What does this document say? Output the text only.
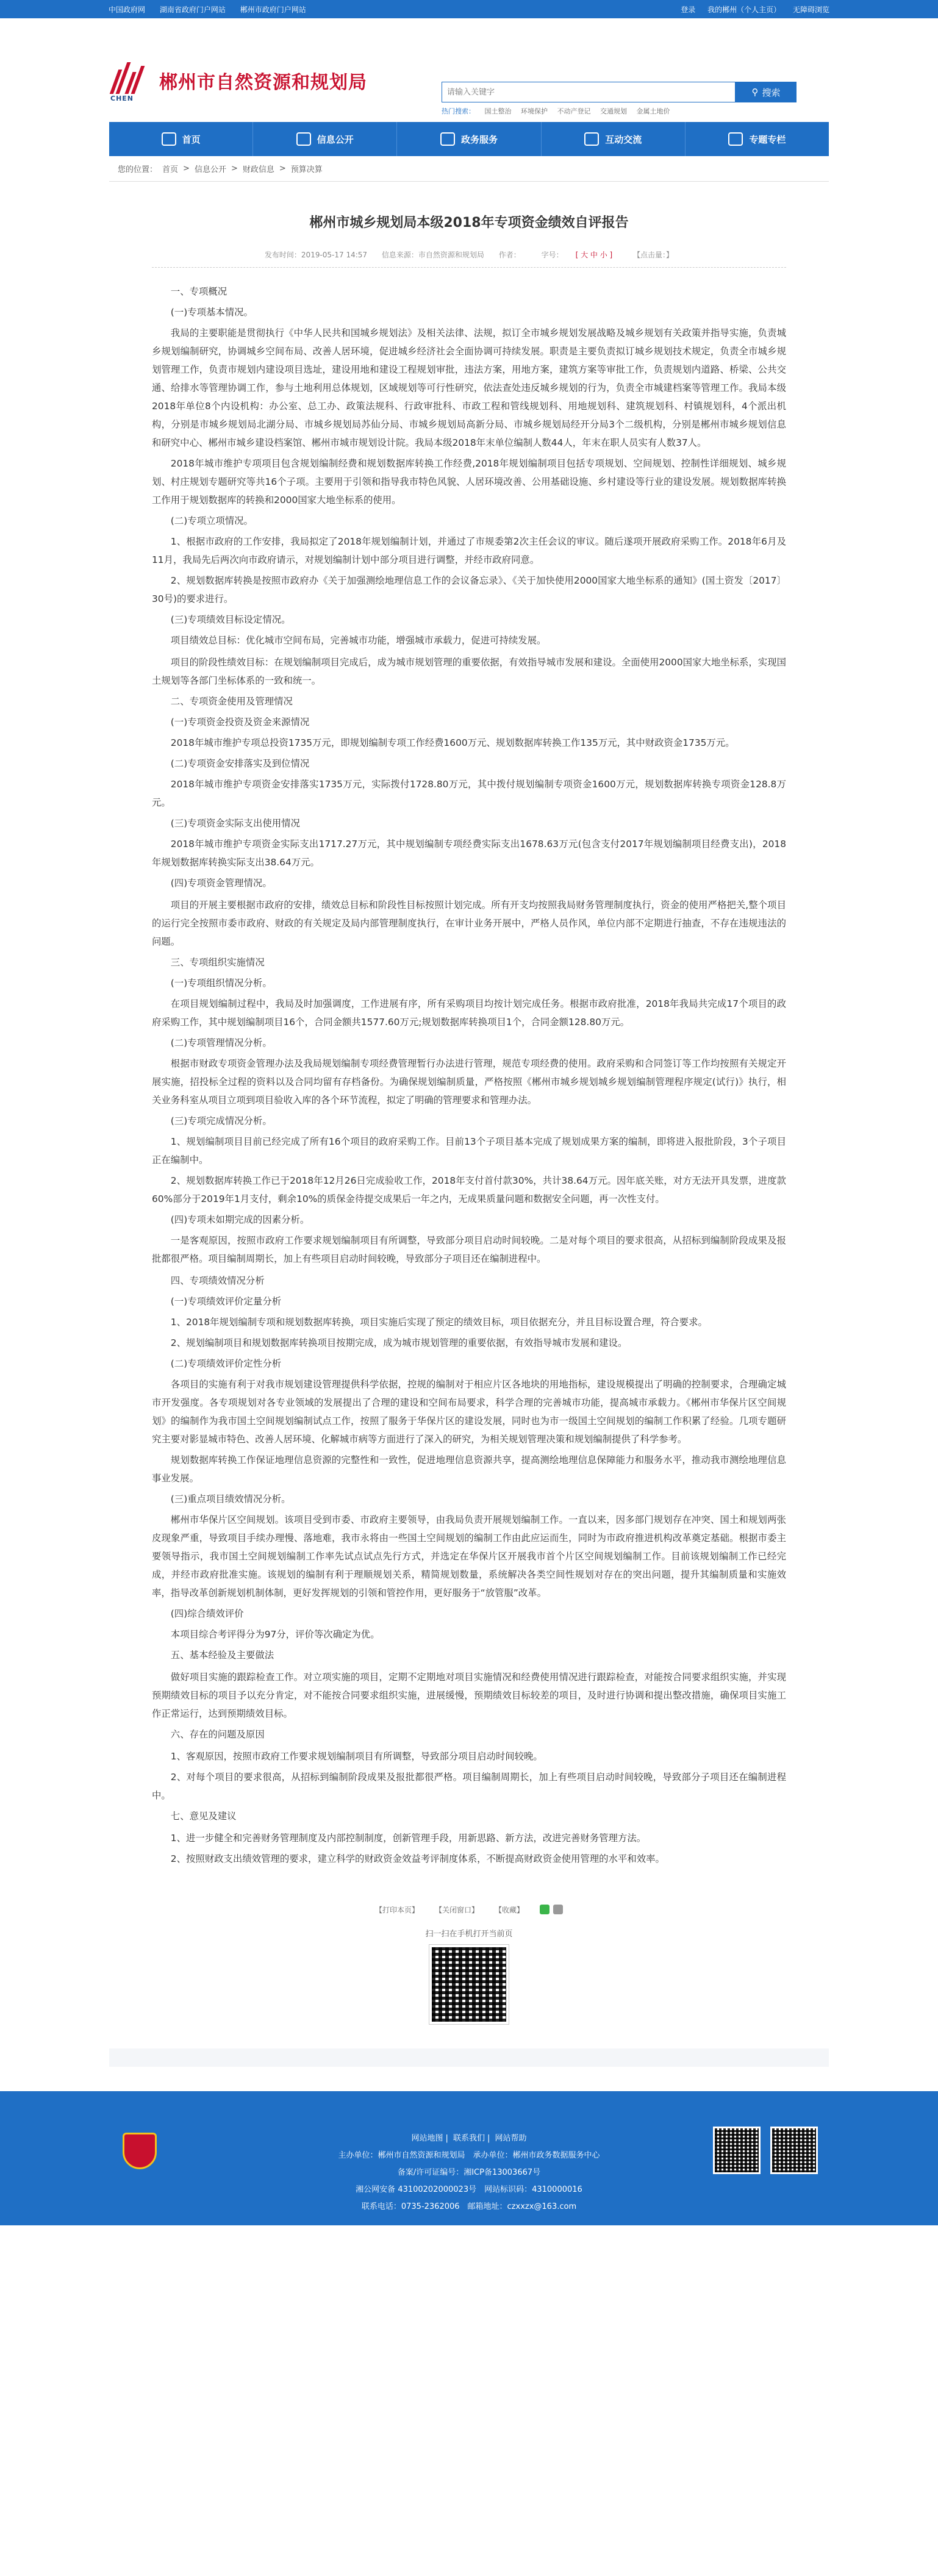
中国政府网 湖南省政府门户网站 郴州市政府门户网站	登录 我的郴州（个人主页） 无障碍浏览
CHEN
郴州市自然资源和规划局
请输入关键字	⚲ 搜索
热门搜索： 国土整治 环境保护 不动产登记 交通规划 金属土地价
首页	信息公开	政务服务	互动交流	专题专栏
您的位置： 首页 > 信息公开 > 财政信息 > 预算决算
郴州市城乡规划局本级2018年专项资金绩效自评报告
发布时间：2019-05-17 14:57 信息来源：市自然资源和规划局 作者：	字号： [ 大 中 小 ]	【点击量：】

一、专项概况

(一)专项基本情况。

我局的主要职能是贯彻执行《中华人民共和国城乡规划法》及相关法律、法规，拟订全市城乡规划发展战略及城乡规划有关政策并指导实施，负责城乡规划编制研究，协调城乡空间布局、改善人居环境，促进城乡经济社会全面协调可持续发展。职责是主要负责拟订城乡规划技术规定，负责全市城乡规划管理工作，负责市规划内建设项目选址，建设用地和建设工程规划审批，违法方案，用地方案，建筑方案等审批工作，负责规划内道路、桥梁、公共交通、给排水等管理协调工作，参与土地利用总体规划，区域规划等可行性研究，依法查处违反城乡规划的行为，负责全市城建档案等管理工作。我局本级2018年单位8个内设机构：办公室、总工办、政策法规科、行政审批科、市政工程和管线规划科、用地规划科、建筑规划科、村镇规划科，4个派出机构，分别是市城乡规划局北湖分局、市城乡规划局苏仙分局、市城乡规划局高新分局、市城乡规划局经开分局3个二级机构，分别是郴州市城乡规划信息和研究中心、郴州市城乡建设档案馆、郴州市城市规划设计院。我局本级2018年末单位编制人数44人，年末在职人员实有人数37人。

2018年城市维护专项项目包含规划编制经费和规划数据库转换工作经费,2018年规划编制项目包括专项规划、空间规划、控制性详细规划、城乡规划、村庄规划专题研究等共16个子项。主要用于引领和指导我市特色风貌、人居环境改善、公用基础设施、乡村建设等行业的建设发展。规划数据库转换工作用于规划数据库的转换和2000国家大地坐标系的使用。

(二)专项立项情况。

1、根据市政府的工作安排，我局拟定了2018年规划编制计划，并通过了市规委第2次主任会议的审议。随后遂项开展政府采购工作。2018年6月及11月，我局先后两次向市政府请示，对规划编制计划中部分项目进行调整，并经市政府同意。

2、规划数据库转换是按照市政府办《关于加强测绘地理信息工作的会议备忘录》、《关于加快使用2000国家大地坐标系的通知》(国土资发〔2017〕30号)的要求进行。

(三)专项绩效目标设定情况。

项目绩效总目标：优化城市空间布局，完善城市功能，增强城市承载力，促进可持续发展。

项目的阶段性绩效目标：在规划编制项目完成后，成为城市规划管理的重要依据，有效指导城市发展和建设。全面使用2000国家大地坐标系，实现国土规划等各部门坐标体系的一致和统一。

二、专项资金使用及管理情况

(一)专项资金投资及资金来源情况

2018年城市维护专项总投资1735万元，即规划编制专项工作经费1600万元、规划数据库转换工作135万元，其中财政资金1735万元。

(二)专项资金安排落实及到位情况

2018年城市维护专项资金安排落实1735万元，实际拨付1728.80万元，其中拨付规划编制专项资金1600万元，规划数据库转换专项资金128.8万元。

(三)专项资金实际支出使用情况

2018年城市维护专项资金实际支出1717.27万元，其中规划编制专项经费实际支出1678.63万元(包含支付2017年规划编制项目经费支出)，2018年规划数据库转换实际支出38.64万元。

(四)专项资金管理情况。

项目的开展主要根据市政府的安排，绩效总目标和阶段性目标按照计划完成。所有开支均按照我局财务管理制度执行，资金的使用严格把关,整个项目的运行完全按照市委市政府、财政的有关规定及局内部管理制度执行，在审计业务开展中，严格人员作风，单位内部不定期进行抽查，不存在违规违法的问题。

三、专项组织实施情况

(一)专项组织情况分析。

在项目规划编制过程中，我局及时加强调度，工作进展有序，所有采购项目均按计划完成任务。根据市政府批准，2018年我局共完成17个项目的政府采购工作，其中规划编制项目16个，合同金额共1577.60万元;规划数据库转换项目1个，合同金额128.80万元。

(二)专项管理情况分析。

根据市财政专项资金管理办法及我局规划编制专项经费管理暂行办法进行管理，规范专项经费的使用。政府采购和合同签订等工作均按照有关规定开展实施，招投标全过程的资料以及合同均留有存档备份。为确保规划编制质量，严格按照《郴州市城乡规划城乡规划编制管理程序规定(试行)》执行，相关业务科室从项目立项到项目验收入库的各个环节流程，拟定了明确的管理要求和管理办法。

(三)专项完成情况分析。

1、规划编制项目目前已经完成了所有16个项目的政府采购工作。目前13个子项目基本完成了规划成果方案的编制，即将进入报批阶段，3个子项目正在编制中。

2、规划数据库转换工作已于2018年12月26日完成验收工作，2018年支付首付款30%，共计38.64万元。因年底关账，对方无法开具发票，进度款60%部分于2019年1月支付，剩余10%的质保金待提交成果后一年之内，无成果质量问题和数据安全问题，再一次性支付。

(四)专项未如期完成的因素分析。

一是客观原因，按照市政府工作要求规划编制项目有所调整，导致部分项目启动时间较晚。二是对每个项目的要求很高，从招标到编制阶段成果及报批都很严格。项目编制周期长，加上有些项目启动时间较晚，导致部分子项目还在编制进程中。

四、专项绩效情况分析

(一)专项绩效评价定量分析

1、2018年规划编制专项和规划数据库转换，项目实施后实现了预定的绩效目标，项目依据充分，并且目标设置合理，符合要求。

2、规划编制项目和规划数据库转换项目按期完成，成为城市规划管理的重要依据，有效指导城市发展和建设。

(二)专项绩效评价定性分析

各项目的实施有利于对我市规划建设管理提供科学依据，控规的编制对于相应片区各地块的用地指标，建设规模提出了明确的控制要求，合理确定城市开发强度。各专项规划对各专业领域的发展提出了合理的建设和空间布局要求，科学合理的完善城市功能，提高城市承载力。《郴州市华保片区空间规划》的编制作为我市国土空间规划编制试点工作，按照了服务于华保片区的建设发展，同时也为市一级国土空间规划的编制工作积累了经验。几项专题研究主要对影显城市特色、改善人居环境、化解城市病等方面进行了深入的研究，为相关规划管理决策和规划编制提供了科学参考。

规划数据库转换工作保证地理信息资源的完整性和一致性，促进地理信息资源共享，提高测绘地理信息保障能力和服务水平，推动我市测绘地理信息事业发展。

(三)重点项目绩效情况分析。

郴州市华保片区空间规划。该项目受到市委、市政府主要领导，由我局负责开展规划编制工作。一直以来，因多部门规划存在冲突、国土和规划两张皮现象严重，导致项目手续办理慢、落地难，我市永将由一些国土空间规划的编制工作由此应运而生，同时为市政府推进机构改革奠定基础。根据市委主要领导指示，我市国土空间规划编制工作率先试点试点先行方式，并选定在华保片区开展我市首个片区空间规划编制工作。目前该规划编制工作已经完成，并经市政府批准实施。该规划的编制有利于理顺规划关系，精简规划数量，系统解决各类空间性规划对存在的突出问题，提升其编制质量和实施效率，指导改革创新规划机制体制，更好发挥规划的引领和管控作用，更好服务于“放管服”改革。

(四)综合绩效评价

本项目综合考评得分为97分，评价等次确定为优。

五、基本经验及主要做法

做好项目实施的跟踪检查工作。对立项实施的项目，定期不定期地对项目实施情况和经费使用情况进行跟踪检查，对能按合同要求组织实施，并实现预期绩效目标的项目予以充分肯定，对不能按合同要求组织实施，进展缓慢，预期绩效目标较差的项目，及时进行协调和提出整改措施，确保项目实施工作正常运行，达到预期绩效目标。

六、存在的问题及原因

1、客观原因，按照市政府工作要求规划编制项目有所调整，导致部分项目启动时间较晚。

2、对每个项目的要求很高，从招标到编制阶段成果及报批都很严格。项目编制周期长，加上有些项目启动时间较晚，导致部分子项目还在编制进程中。

七、意见及建议

1、进一步健全和完善财务管理制度及内部控制制度，创新管理手段，用新思路、新方法，改进完善财务管理方法。

2、按照财政支出绩效管理的要求，建立科学的财政资金效益考评制度体系，不断提高财政资金使用管理的水平和效率。

【打印本页】 【关闭窗口】 【收藏】
扫一扫在手机打开当前页
网站地图 | 联系我们 | 网站帮助
主办单位：郴州市自然资源和规划局　承办单位：郴州市政务数据服务中心
备案/许可证编号：湘ICP备13003667号
湘公网安备 43100202000023号　网站标识码：4310000016
联系电话：0735-2362006　邮箱地址：czxxzx@163.com
